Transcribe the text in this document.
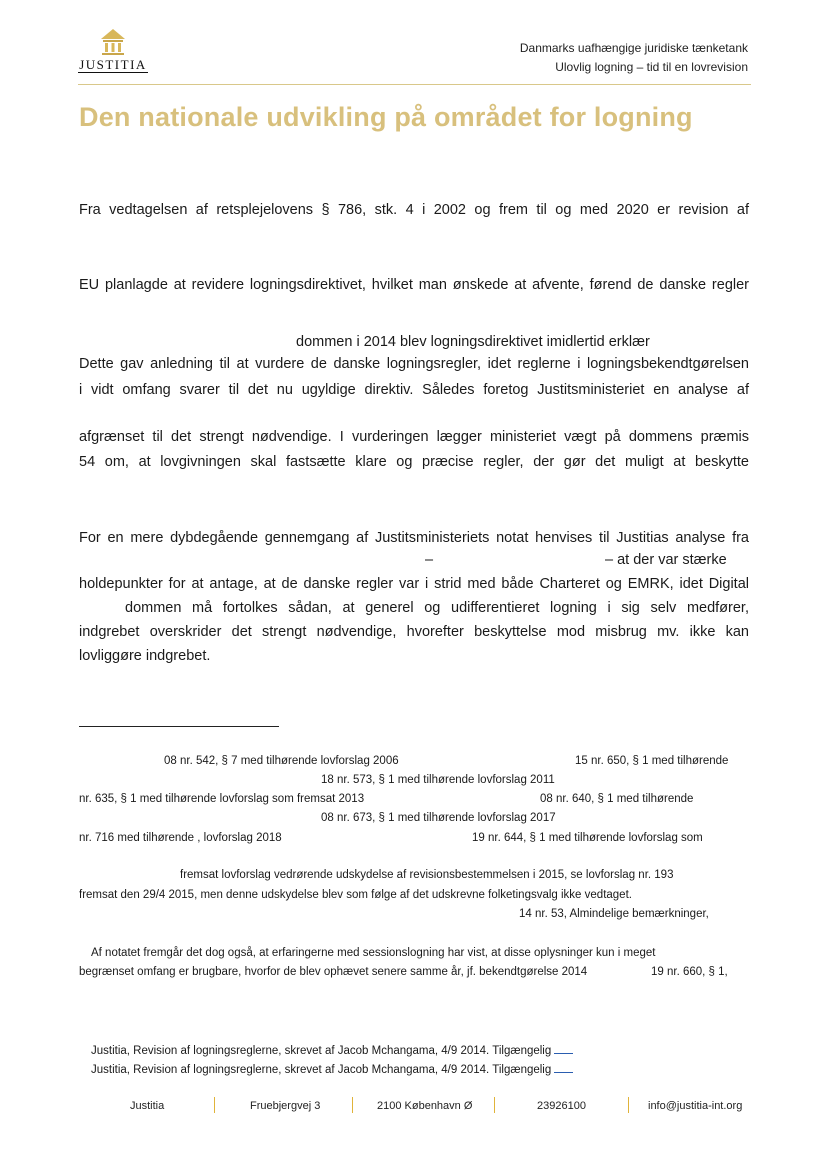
JUSTITIA
Danmarks uafhængige juridiske tænketank
Ulovlig logning – tid til en lovrevision
Den nationale udvikling på området for logning
Fra vedtagelsen af retsplejelovens § 786, stk. 4 i 2002 og frem til og med 2020 er revision af
EU planlagde at revidere logningsdirektivet, hvilket man ønskede at afvente, førend de danske regler
dommen i 2014 blev logningsdirektivet imidlertid erklær
Dette gav anledning til at vurdere de danske logningsregler, idet reglerne i logningsbekendtgørelsen
i vidt omfang svarer til det nu ugyldige direktiv. Således foretog Justitsministeriet en analyse af
afgrænset til det strengt nødvendige. I vurderingen lægger ministeriet vægt på dommens præmis
54 om, at lovgivningen skal fastsætte klare og præcise regler, der gør det muligt at beskytte
For en mere dybdegående gennemgang af Justitsministeriets notat henvises til Justitias analyse fra
–	– at der var stærke
holdepunkter for at antage, at de danske regler var i strid med både Charteret og EMRK, idet Digital
dommen må fortolkes sådan, at generel og udifferentieret logning i sig selv medfører,
indgrebet overskrider det strengt nødvendige, hvorefter beskyttelse mod misbrug mv. ikke kan
lovliggøre indgrebet.
08 nr. 542, § 7 med tilhørende lovforslag 2006	15 nr. 650, § 1 med tilhørende
18 nr. 573, § 1 med tilhørende lovforslag 2011
nr. 635, § 1 med tilhørende lovforslag som fremsat 2013	08 nr. 640, § 1 med tilhørende
08 nr. 673, § 1 med tilhørende lovforslag 2017
nr. 716 med tilhørende , lovforslag 2018	19 nr. 644, § 1 med tilhørende lovforslag som
fremsat lovforslag vedrørende udskydelse af revisionsbestemmelsen i 2015, se lovforslag nr. 193
fremsat den 29/4 2015, men denne udskydelse blev som følge af det udskrevne folketingsvalg ikke vedtaget.
14 nr. 53, Almindelige bemærkninger,
Af notatet fremgår det dog også, at erfaringerne med sessionslogning har vist, at disse oplysninger kun i meget
begrænset omfang er brugbare, hvorfor de blev ophævet senere samme år, jf. bekendtgørelse 2014	19 nr. 660, § 1,
Justitia, Revision af logningsreglerne, skrevet af Jacob Mchangama, 4/9 2014. Tilgængelig
Justitia, Revision af logningsreglerne, skrevet af Jacob Mchangama, 4/9 2014. Tilgængelig
Justitia	Fruebjergvej 3	2100 København Ø	23926100	info@justitia-int.org
